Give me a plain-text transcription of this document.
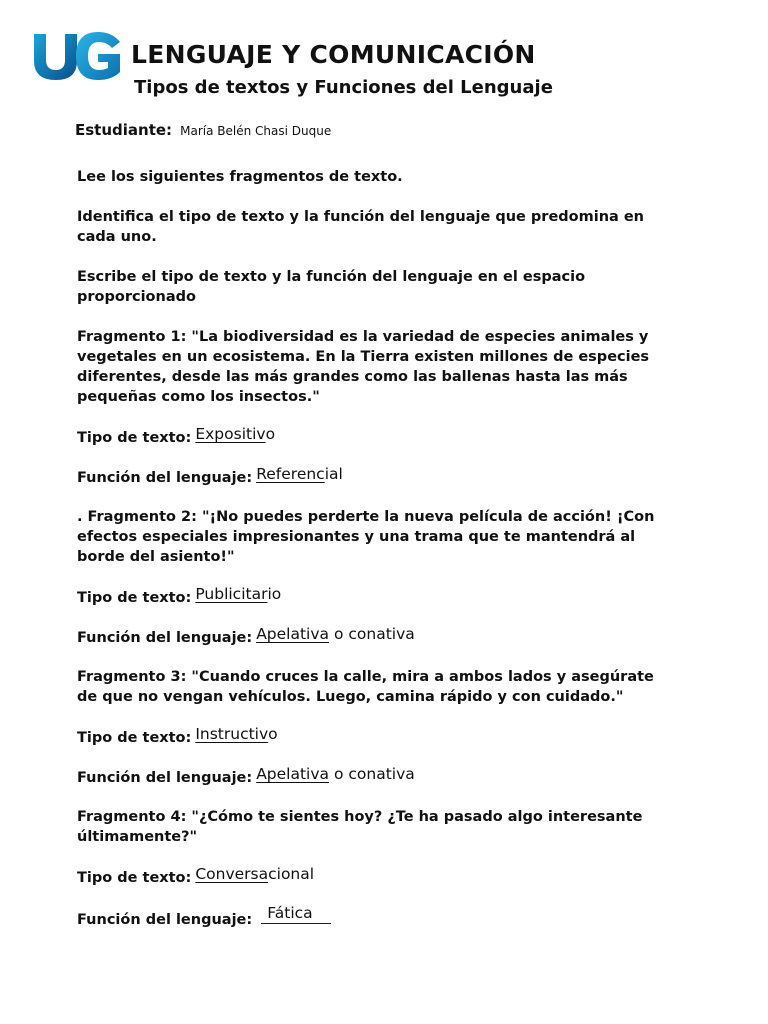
LENGUAJE Y COMUNICACIÓN
Tipos de textos y Funciones del Lenguaje
Estudiante: María Belén Chasi Duque

Lee los siguientes fragmentos de texto.

Identifica el tipo de texto y la función del lenguaje que predomina en cada uno.

Escribe el tipo de texto y la función del lenguaje en el espacio proporcionado

Fragmento 1: "La biodiversidad es la variedad de especies animales y vegetales en un ecosistema. En la Tierra existen millones de especies diferentes, desde las más grandes como las ballenas hasta las más pequeñas como los insectos."

Tipo de texto: Expositivo

Función del lenguaje: Referencial

. Fragmento 2: "¡No puedes perderte la nueva película de acción! ¡Con efectos especiales impresionantes y una trama que te mantendrá al borde del asiento!"

Tipo de texto: Publicitario

Función del lenguaje: Apelativa o conativa

Fragmento 3: "Cuando cruces la calle, mira a ambos lados y asegúrate de que no vengan vehículos. Luego, camina rápido y con cuidado."

Tipo de texto: Instructivo

Función del lenguaje: Apelativa o conativa

Fragmento 4: "¿Cómo te sientes hoy? ¿Te ha pasado algo interesante últimamente?"

Tipo de texto: Conversacional

Función del lenguaje: Fática
